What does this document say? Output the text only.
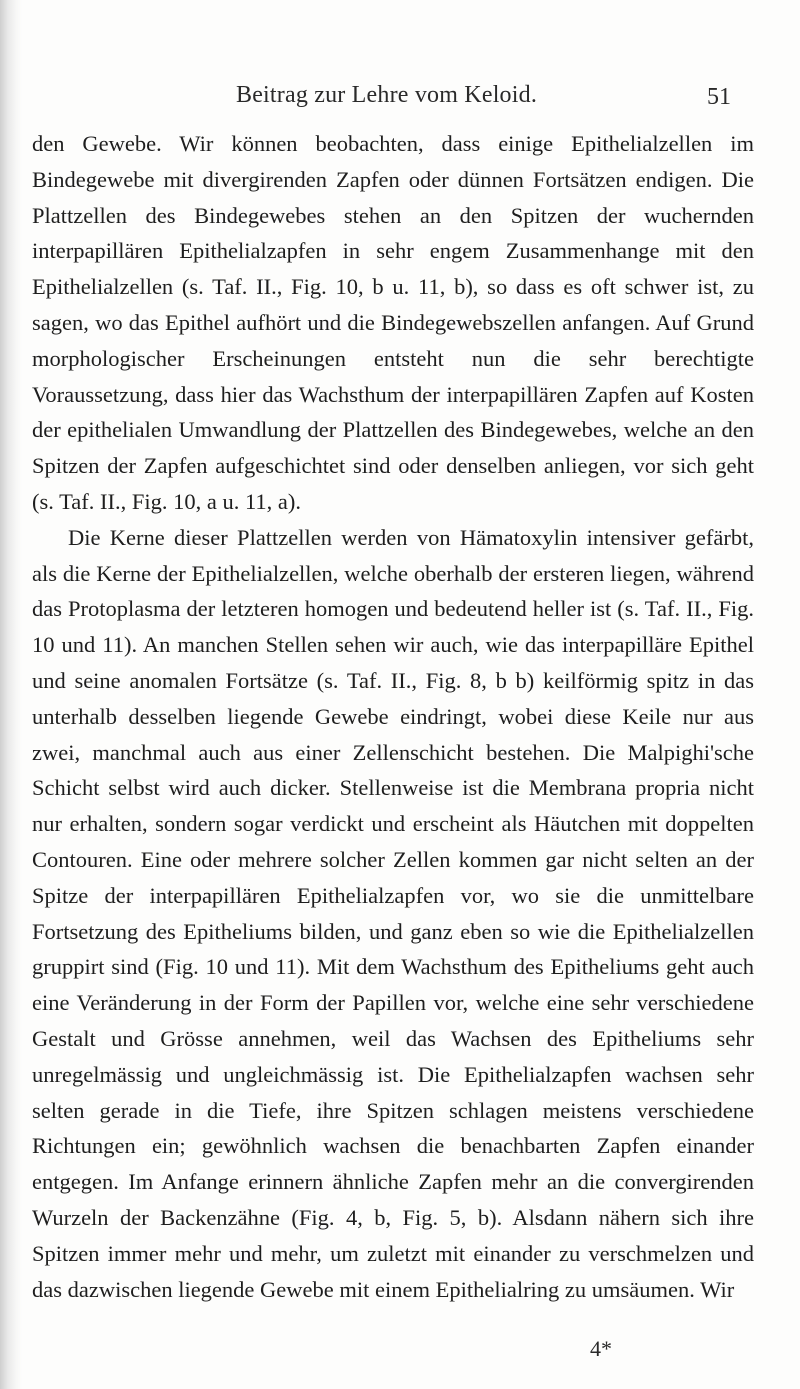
Beitrag zur Lehre vom Keloid.	51

den Gewebe. Wir können beobachten, dass einige Epithelialzellen im Bindegewebe mit divergirenden Zapfen oder dünnen Fortsätzen endigen. Die Plattzellen des Bindegewebes stehen an den Spitzen der wuchernden interpapillären Epithelialzapfen in sehr engem Zusammenhange mit den Epithelialzellen (s. Taf. II., Fig. 10, b u. 11, b), so dass es oft schwer ist, zu sagen, wo das Epithel aufhört und die Bindegewebszellen anfangen. Auf Grund morphologischer Erscheinungen entsteht nun die sehr berechtigte Voraussetzung, dass hier das Wachsthum der interpapillären Zapfen auf Kosten der epithelialen Umwandlung der Plattzellen des Bindegewebes, welche an den Spitzen der Zapfen aufgeschichtet sind oder denselben anliegen, vor sich geht (s. Taf. II., Fig. 10, a u. 11, a).

Die Kerne dieser Plattzellen werden von Hämatoxylin intensiver gefärbt, als die Kerne der Epithelialzellen, welche oberhalb der ersteren liegen, während das Protoplasma der letzteren homogen und bedeutend heller ist (s. Taf. II., Fig. 10 und 11). An manchen Stellen sehen wir auch, wie das interpapilläre Epithel und seine anomalen Fortsätze (s. Taf. II., Fig. 8, b b) keilförmig spitz in das unterhalb desselben liegende Gewebe eindringt, wobei diese Keile nur aus zwei, manchmal auch aus einer Zellenschicht bestehen. Die Malpighi'sche Schicht selbst wird auch dicker. Stellenweise ist die Membrana propria nicht nur erhalten, sondern sogar verdickt und erscheint als Häutchen mit doppelten Contouren. Eine oder mehrere solcher Zellen kommen gar nicht selten an der Spitze der interpapillären Epithelialzapfen vor, wo sie die unmittelbare Fortsetzung des Epitheliums bilden, und ganz eben so wie die Epithelialzellen gruppirt sind (Fig. 10 und 11). Mit dem Wachsthum des Epitheliums geht auch eine Veränderung in der Form der Papillen vor, welche eine sehr verschiedene Gestalt und Grösse annehmen, weil das Wachsen des Epitheliums sehr unregelmässig und ungleichmässig ist. Die Epithelialzapfen wachsen sehr selten gerade in die Tiefe, ihre Spitzen schlagen meistens verschiedene Richtungen ein; gewöhnlich wachsen die benachbarten Zapfen einander entgegen. Im Anfange erinnern ähnliche Zapfen mehr an die convergirenden Wurzeln der Backenzähne (Fig. 4, b, Fig. 5, b). Alsdann nähern sich ihre Spitzen immer mehr und mehr, um zuletzt mit einander zu verschmelzen und das dazwischen liegende Gewebe mit einem Epithelialring zu umsäumen. Wir

4*
